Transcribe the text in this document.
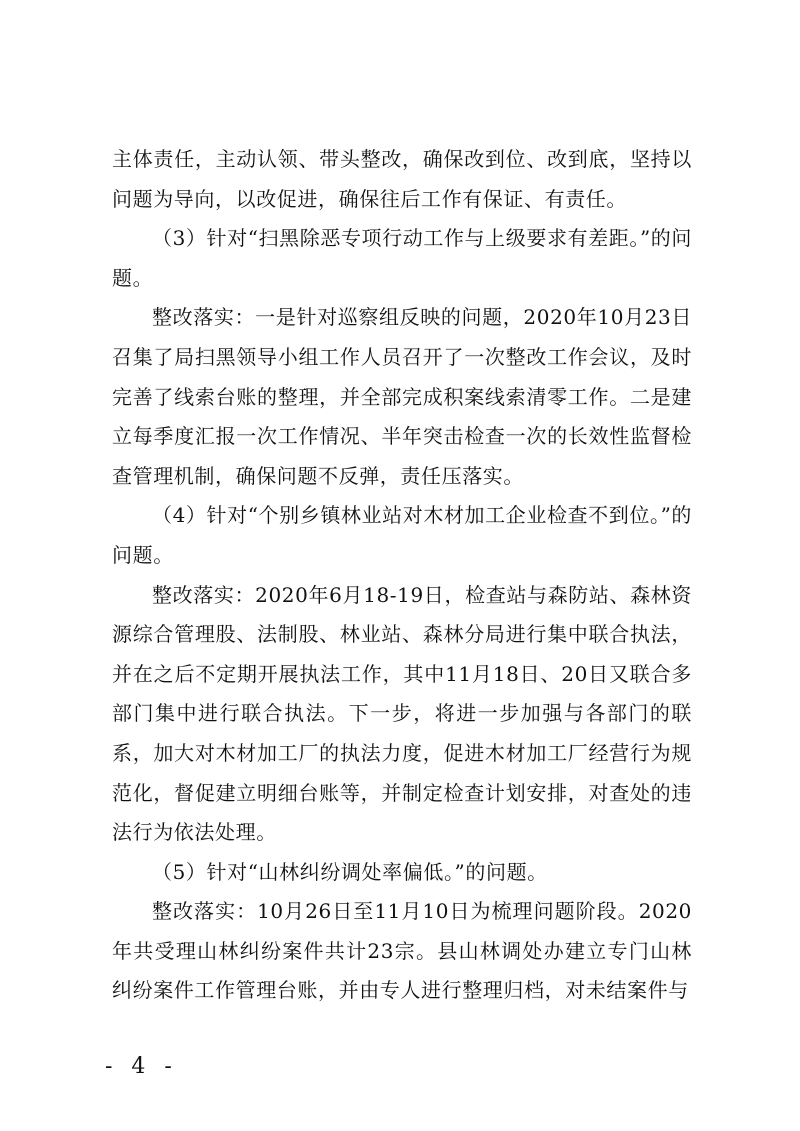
主体责任，主动认领、带头整改，确保改到位、改到底，坚持以问题为导向，以改促进，确保往后工作有保证、有责任。

（3）针对“扫黑除恶专项行动工作与上级要求有差距。”的问题。

整改落实：一是针对巡察组反映的问题，2020年10月23日召集了局扫黑领导小组工作人员召开了一次整改工作会议，及时完善了线索台账的整理，并全部完成积案线索清零工作。二是建立每季度汇报一次工作情况、半年突击检查一次的长效性监督检查管理机制，确保问题不反弹，责任压落实。

（4）针对“个别乡镇林业站对木材加工企业检查不到位。”的问题。

整改落实：2020年6月18-19日，检查站与森防站、森林资源综合管理股、法制股、林业站、森林分局进行集中联合执法，并在之后不定期开展执法工作，其中11月18日、20日又联合多部门集中进行联合执法。下一步，将进一步加强与各部门的联系，加大对木材加工厂的执法力度，促进木材加工厂经营行为规范化，督促建立明细台账等，并制定检查计划安排，对查处的违法行为依法处理。

（5）针对“山林纠纷调处率偏低。”的问题。

整改落实：10月26日至11月10日为梳理问题阶段。2020年共受理山林纠纷案件共计23宗。县山林调处办建立专门山林纠纷案件工作管理台账，并由专人进行整理归档，对未结案件与

- 4 -
